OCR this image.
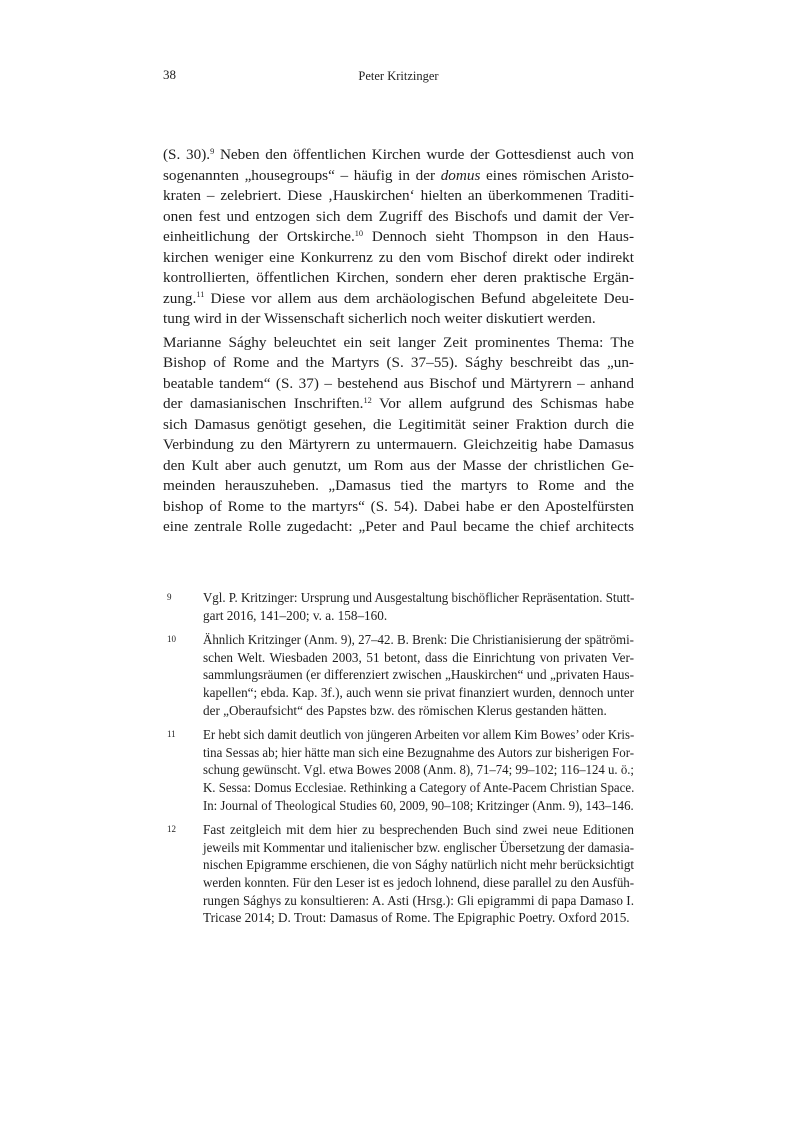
38	Peter Kritzinger
(S. 30).$^9$ Neben den öffentlichen Kirchen wurde der Gottesdienst auch von
sogenannten „housegroups“ – häufig in der domus eines römischen Aristo-
kraten – zelebriert. Diese ‚Hauskirchen‘ hielten an überkommenen Traditi-
onen fest und entzogen sich dem Zugriff des Bischofs und damit der Ver-
einheitlichung der Ortskirche.$^{10}$ Dennoch sieht Thompson in den Haus-
kirchen weniger eine Konkurrenz zu den vom Bischof direkt oder indirekt
kontrollierten, öffentlichen Kirchen, sondern eher deren praktische Ergän-
zung.$^{11}$ Diese vor allem aus dem archäologischen Befund abgeleitete Deu-
tung wird in der Wissenschaft sicherlich noch weiter diskutiert werden.
Marianne Sághy beleuchtet ein seit langer Zeit prominentes Thema: The
Bishop of Rome and the Martyrs (S. 37–55). Sághy beschreibt das „un-
beatable tandem“ (S. 37) – bestehend aus Bischof und Märtyrern – anhand
der damasianischen Inschriften.$^{12}$ Vor allem aufgrund des Schismas habe
sich Damasus genötigt gesehen, die Legitimität seiner Fraktion durch die
Verbindung zu den Märtyrern zu untermauern. Gleichzeitig habe Damasus
den Kult aber auch genutzt, um Rom aus der Masse der christlichen Ge-
meinden herauszuheben. „Damasus tied the martyrs to Rome and the
bishop of Rome to the martyrs“ (S. 54). Dabei habe er den Apostelfürsten
eine zentrale Rolle zugedacht: „Peter and Paul became the chief architects
9 Vgl. P. Kritzinger: Ursprung und Ausgestaltung bischöflicher Repräsentation. Stutt-
gart 2016, 141–200; v. a. 158–160.
10 Ähnlich Kritzinger (Anm. 9), 27–42. B. Brenk: Die Christianisierung der spätrömi-
schen Welt. Wiesbaden 2003, 51 betont, dass die Einrichtung von privaten Ver-
sammlungsräumen (er differenziert zwischen „Hauskirchen“ und „privaten Haus-
kapellen“; ebda. Kap. 3f.), auch wenn sie privat finanziert wurden, dennoch unter
der „Oberaufsicht“ des Papstes bzw. des römischen Klerus gestanden hätten.
11 Er hebt sich damit deutlich von jüngeren Arbeiten vor allem Kim Bowes’ oder Kris-
tina Sessas ab; hier hätte man sich eine Bezugnahme des Autors zur bisherigen For-
schung gewünscht. Vgl. etwa Bowes 2008 (Anm. 8), 71–74; 99–102; 116–124 u. ö.;
K. Sessa: Domus Ecclesiae. Rethinking a Category of Ante-Pacem Christian Space.
In: Journal of Theological Studies 60, 2009, 90–108; Kritzinger (Anm. 9), 143–146.
12 Fast zeitgleich mit dem hier zu besprechenden Buch sind zwei neue Editionen
jeweils mit Kommentar und italienischer bzw. englischer Übersetzung der damasia-
nischen Epigramme erschienen, die von Sághy natürlich nicht mehr berücksichtigt
werden konnten. Für den Leser ist es jedoch lohnend, diese parallel zu den Ausfüh-
rungen Sághys zu konsultieren: A. Asti (Hrsg.): Gli epigrammi di papa Damaso I.
Tricase 2014; D. Trout: Damasus of Rome. The Epigraphic Poetry. Oxford 2015.
